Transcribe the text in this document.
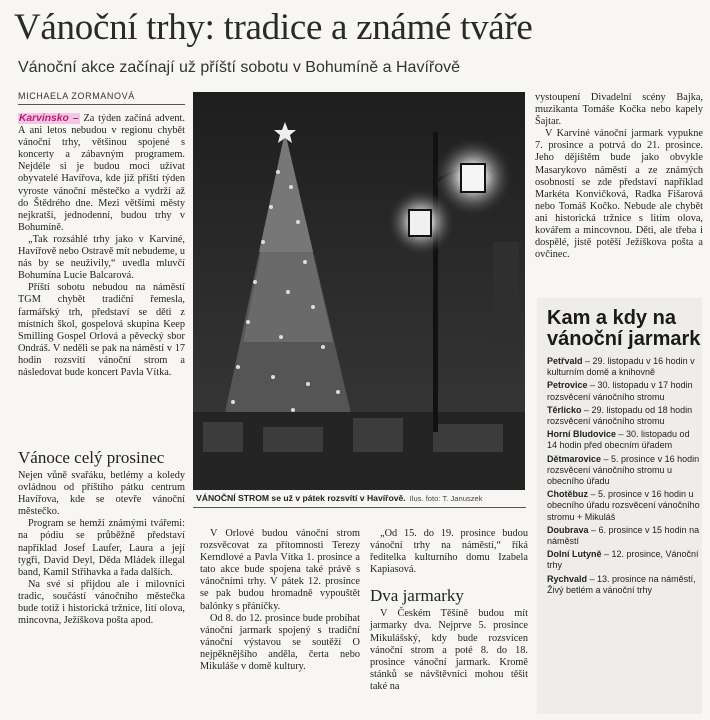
Vánoční trhy: tradice a známé tváře
Vánoční akce začínají už příští sobotu v Bohumíně a Havířově
MICHAELA ZORMANOVÁ

Karvinsko – Za týden začíná advent. A ani letos nebudou v regionu chybět vánoční trhy, většinou spojené s koncerty a zábavným programem. Nejdéle si je budou moci užívat obyvatelé Havířova, kde již příští týden vyroste vánoční městečko a vydrží až do Štědrého dne. Mezi většími městy nejkratší, jednodenní, budou trhy v Bohumíně.

„Tak rozsáhlé trhy jako v Karviné, Havířově nebo Ostravě mít nebudeme, u nás by se neuživily,“ uvedla mluvčí Bohumína Lucie Balcarová.

Příští sobotu nebudou na náměstí TGM chybět tradiční řemesla, farmářský trh, představí se děti z místních škol, gospelová skupina Keep Smilling Gospel Orlová a pěvecký sbor Ondráš. V neděli se pak na náměstí v 17 hodin rozsvítí vánoční strom a následovat bude koncert Pavla Vítka.

Vánoce celý prosinec

Nejen vůně svařáku, betlémy a koledy ovládnou od příštího pátku centrum Havířova, kde se otevře vánoční městečko.

Program se hemží známými tvářemi: na pódiu se průběžně představí například Josef Laufer, Laura a její tygři, David Deyl, Děda Mládek illegal band, Kamil Střihavka a řada dalších.

Na své si přijdou ale i milovníci tradic, součástí vánočního městečka bude totiž i historická tržnice, lití olova, mincovna, Ježíškova pošta apod.

VÁNOČNÍ STROM se už v pátek rozsvítí v Havířově. Ilus. foto: T. Januszek

V Orlové budou vánoční strom rozsvěcovat za přítomnosti Terezy Kerndlové a Pavla Vítka 1. prosince a tato akce bude spojena také právě s vánočními trhy. V pátek 12. prosince se pak budou hromadně vypouštět balónky s přáníčky.

Od 8. do 12. prosince bude probíhat vánoční jarmark spojený s tradiční vánoční výstavou se soutěží O nejpěknějšího anděla, čerta nebo Mikuláše v domě kultury.

„Od 15. do 19. prosince budou vánoční trhy na náměstí,“ říká ředitelka kulturního domu Izabela Kapiasová.

Dva jarmarky

V Českém Těšíně budou mít jarmarky dva. Nejprve 5. prosince Mikulášský, kdy bude rozsvícen vánoční strom a poté 8. do 18. prosince vánoční jarmark. Kromě stánků se návštěvníci mohou těšit také na

vystoupení Divadelní scény Bajka, muzikanta Tomáše Kočka nebo kapely Šajtar.

V Karviné vánoční jarmark vypukne 7. prosince a potrvá do 21. prosince. Jeho dějištěm bude jako obvykle Masarykovo náměstí a ze známých osobností se zde představí například Markéta Konvičková, Radka Fišarová nebo Tomáš Kočko. Nebude ale chybět ani historická tržnice s litím olova, kovářem a mincovnou. Děti, ale třeba i dospělé, jistě potěší Ježíškova pošta a ovčinec.

Kam a kdy na vánoční jarmark
Petřvald – 29. listopadu v 16 hodin v kulturním domě a knihovně
Petrovice – 30. listopadu v 17 hodin rozsvěcení vánočního stromu
Těrlicko – 29. listopadu od 18 hodin rozsvěcení vánočního stromu
Horní Bludovice – 30. listopadu od 14 hodin před obecním úřadem
Dětmarovice – 5. prosince v 16 hodin rozsvěcení vánočního stromu u obecního úřadu
Chotěbuz – 5. prosince v 16 hodin u obecního úřadu rozsvěcení vánočního stromu + Mikuláš
Doubrava – 6. prosince v 15 hodin na náměstí
Dolní Lutyně – 12. prosince, Vánoční trhy
Rychvald – 13. prosince na náměstí, Živý betlém a vánoční trhy
